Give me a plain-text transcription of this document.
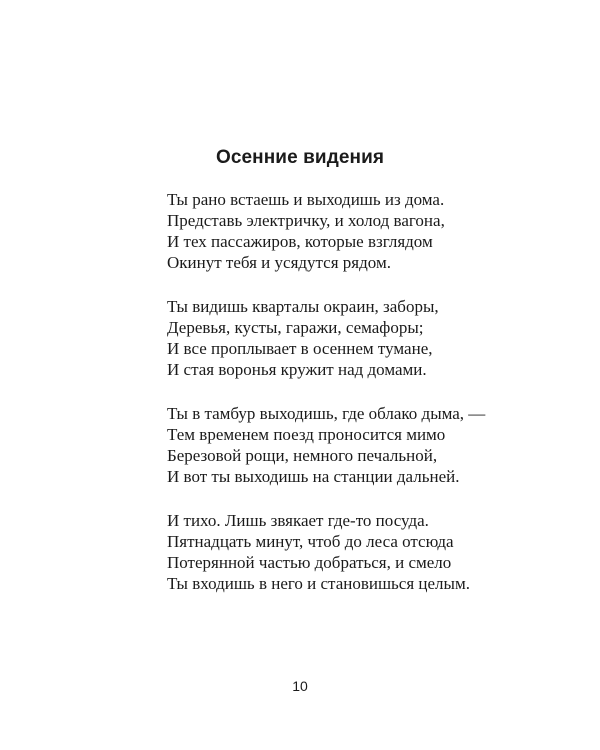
Осенние видения
Ты рано встаешь и выходишь из дома.
Представь электричку, и холод вагона,
И тех пассажиров, которые взглядом
Окинут тебя и усядутся рядом.
Ты видишь кварталы окраин, заборы,
Деревья, кусты, гаражи, семафоры;
И все проплывает в осеннем тумане,
И стая воронья кружит над домами.
Ты в тамбур выходишь, где облако дыма, —
Тем временем поезд проносится мимо
Березовой рощи, немного печальной,
И вот ты выходишь на станции дальней.
И тихо. Лишь звякает где-то посуда.
Пятнадцать минут, чтоб до леса отсюда
Потерянной частью добраться, и смело
Ты входишь в него и становишься целым.
10
